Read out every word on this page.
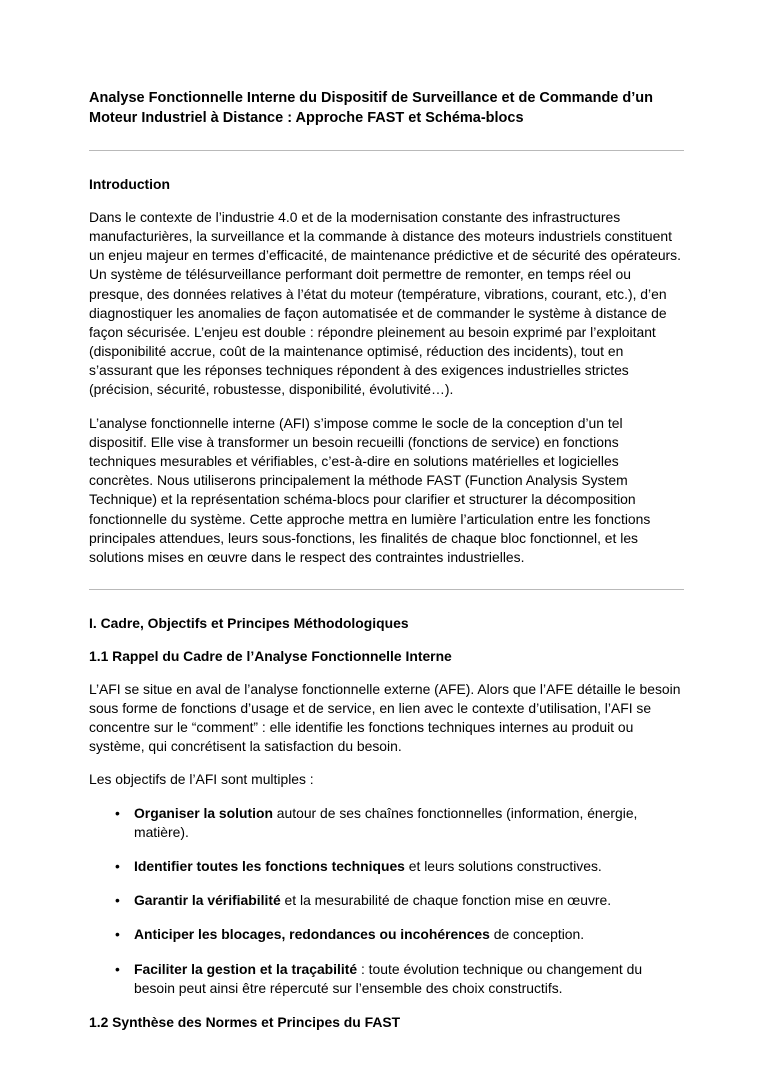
Analyse Fonctionnelle Interne du Dispositif de Surveillance et de Commande d’un Moteur Industriel à Distance : Approche FAST et Schéma-blocs
Introduction

Dans le contexte de l’industrie 4.0 et de la modernisation constante des infrastructures manufacturières, la surveillance et la commande à distance des moteurs industriels constituent un enjeu majeur en termes d’efficacité, de maintenance prédictive et de sécurité des opérateurs. Un système de télésurveillance performant doit permettre de remonter, en temps réel ou presque, des données relatives à l’état du moteur (température, vibrations, courant, etc.), d’en diagnostiquer les anomalies de façon automatisée et de commander le système à distance de façon sécurisée. L’enjeu est double : répondre pleinement au besoin exprimé par l’exploitant (disponibilité accrue, coût de la maintenance optimisé, réduction des incidents), tout en s’assurant que les réponses techniques répondent à des exigences industrielles strictes (précision, sécurité, robustesse, disponibilité, évolutivité…).

L’analyse fonctionnelle interne (AFI) s’impose comme le socle de la conception d’un tel dispositif. Elle vise à transformer un besoin recueilli (fonctions de service) en fonctions techniques mesurables et vérifiables, c’est-à-dire en solutions matérielles et logicielles concrètes. Nous utiliserons principalement la méthode FAST (Function Analysis System Technique) et la représentation schéma-blocs pour clarifier et structurer la décomposition fonctionnelle du système. Cette approche mettra en lumière l’articulation entre les fonctions principales attendues, leurs sous-fonctions, les finalités de chaque bloc fonctionnel, et les solutions mises en œuvre dans le respect des contraintes industrielles.

I. Cadre, Objectifs et Principes Méthodologiques
1.1 Rappel du Cadre de l’Analyse Fonctionnelle Interne

L’AFI se situe en aval de l’analyse fonctionnelle externe (AFE). Alors que l’AFE détaille le besoin sous forme de fonctions d’usage et de service, en lien avec le contexte d’utilisation, l’AFI se concentre sur le “comment” : elle identifie les fonctions techniques internes au produit ou système, qui concrétisent la satisfaction du besoin.

Les objectifs de l’AFI sont multiples :

• Organiser la solution autour de ses chaînes fonctionnelles (information, énergie, matière).
• Identifier toutes les fonctions techniques et leurs solutions constructives.
• Garantir la vérifiabilité et la mesurabilité de chaque fonction mise en œuvre.
• Anticiper les blocages, redondances ou incohérences de conception.
• Faciliter la gestion et la traçabilité : toute évolution technique ou changement du besoin peut ainsi être répercuté sur l’ensemble des choix constructifs.
1.2 Synthèse des Normes et Principes du FAST
